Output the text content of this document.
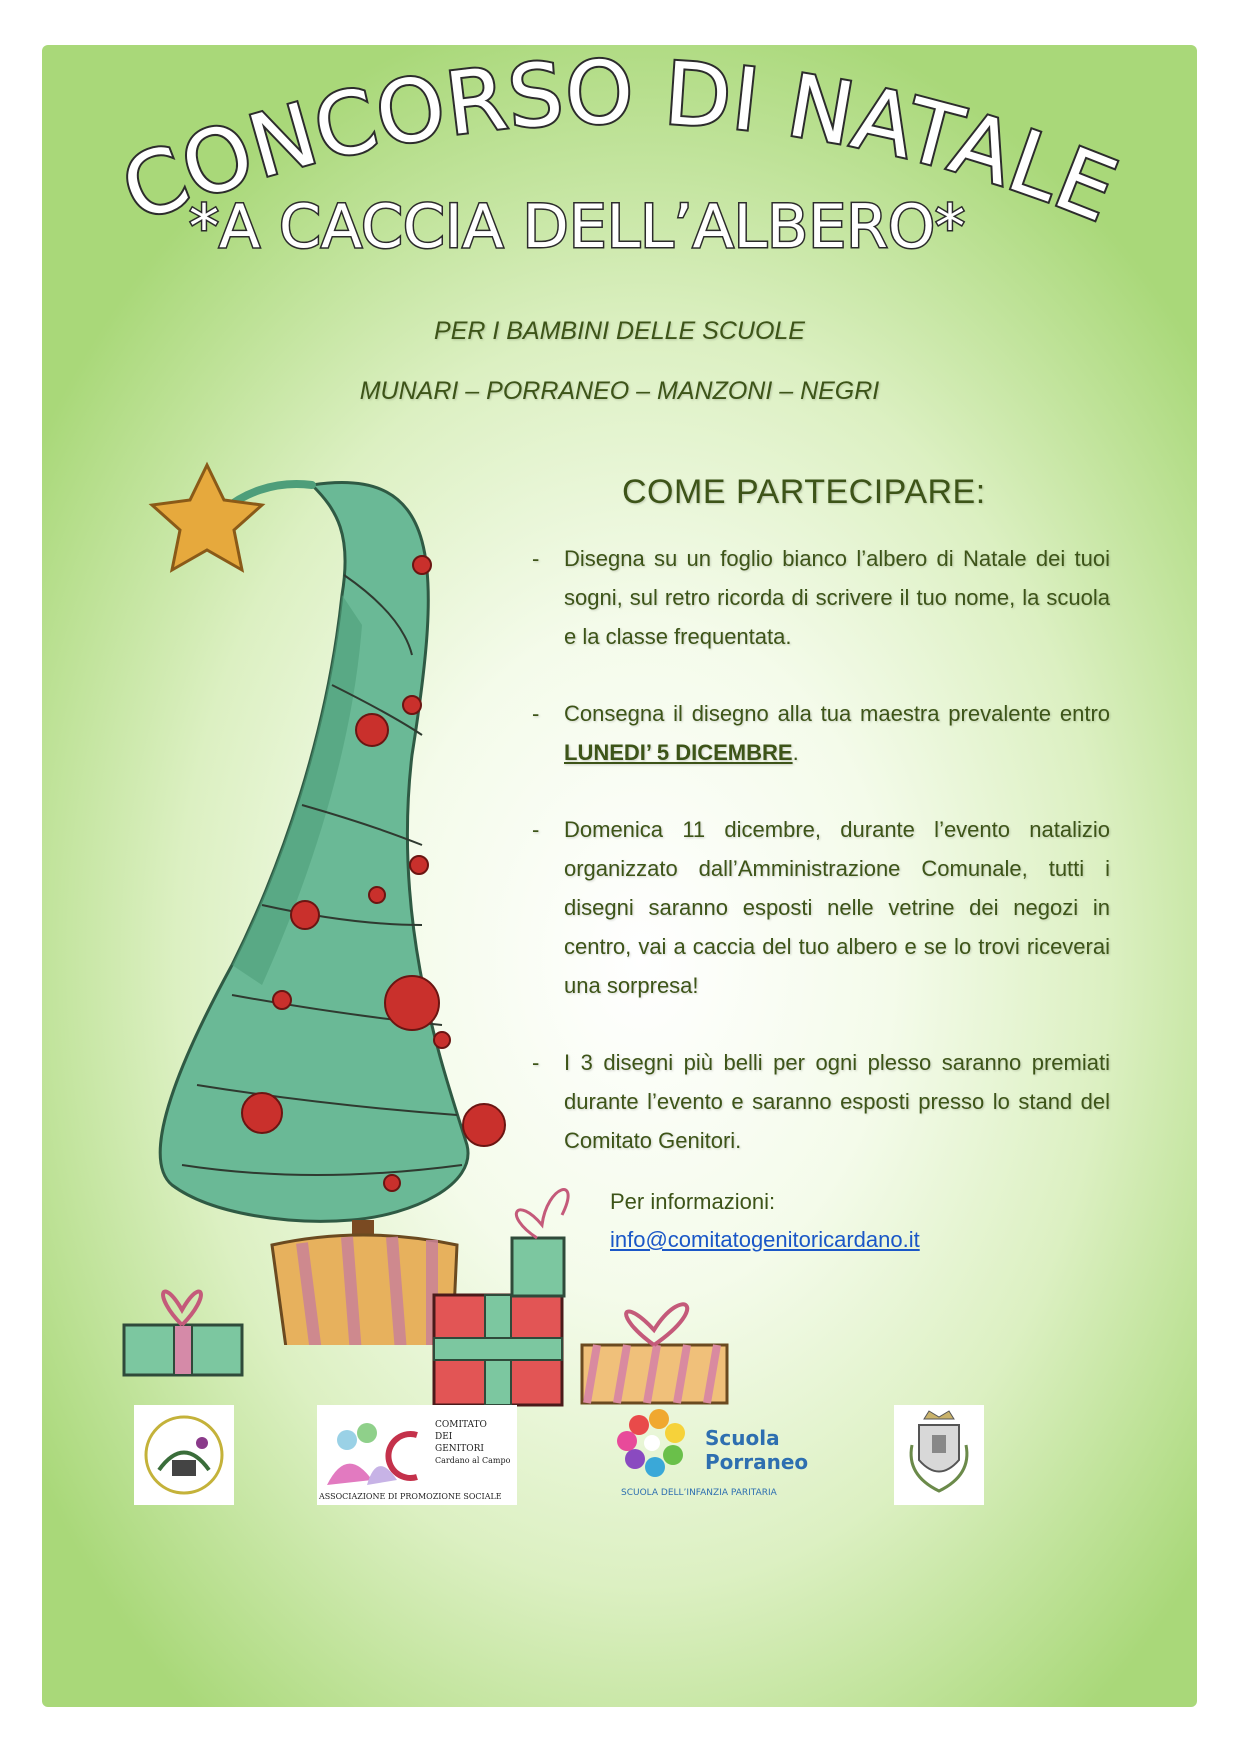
CONCORSO DI NATALE
*A CACCIA DELL’ALBERO*
PER I BAMBINI DELLE SCUOLE
MUNARI – PORRANEO – MANZONI – NEGRI
COME PARTECIPARE:
- Disegna su un foglio bianco l’albero di Natale dei tuoi sogni, sul retro ricorda di scrivere il tuo nome, la scuola e la classe frequentata.
- Consegna il disegno alla tua maestra prevalente entro LUNEDI’ 5 DICEMBRE.
- Domenica 11 dicembre, durante l’evento natalizio organizzato dall’Amministrazione Comunale, tutti i disegni saranno esposti nelle vetrine dei negozi in centro, vai a caccia del tuo albero e se lo trovi riceverai una sorpresa!
- I 3 disegni più belli per ogni plesso saranno premiati durante l’evento e saranno esposti presso lo stand del Comitato Genitori.
Per informazioni:
info@comitatogenitoricardano.it
COMITATO
DEI
GENITORI
Cardano al Campo
ASSOCIAZIONE DI PROMOZIONE SOCIALE
Scuola
Porraneo
SCUOLA DELL’INFANZIA PARITARIA
